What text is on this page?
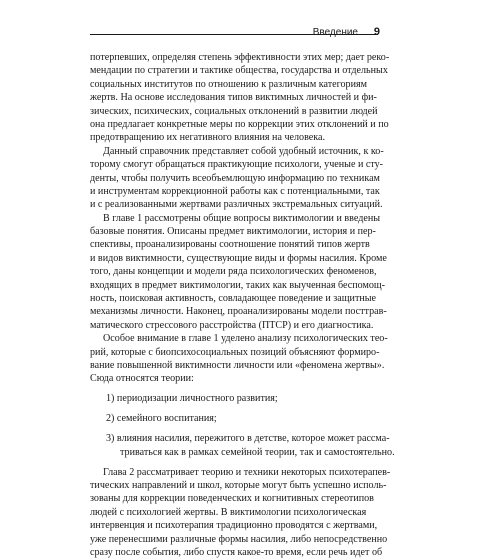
Введение	9
потерпевших, определяя степень эффективности этих мер; дает реко-
мендации по стратегии и тактике общества, государства и отдельных
социальных институтов по отношению к различным категориям
жертв. На основе исследования типов виктимных личностей и фи-
зических, психических, социальных отклонений в развитии людей
она предлагает конкретные меры по коррекции этих отклонений и по
предотвращению их негативного влияния на человека.
Данный справочник представляет собой удобный источник, к ко-
торому смогут обращаться практикующие психологи, ученые и сту-
денты, чтобы получить всеобъемлющую информацию по техникам
и инструментам коррекционной работы как с потенциальными, так
и с реализованными жертвами различных экстремальных ситуаций.
В главе 1 рассмотрены общие вопросы виктимологии и введены
базовые понятия. Описаны предмет виктимологии, история и пер-
спективы, проанализированы соотношение понятий типов жертв
и видов виктимности, существующие виды и формы насилия. Кроме
того, даны концепции и модели ряда психологических феноменов,
входящих в предмет виктимологии, таких как выученная беспомощ-
ность, поисковая активность, совладающее поведение и защитные
механизмы личности. Наконец, проанализированы модели посттрав-
матического стрессового расстройства (ПТСР) и его диагностика.
Особое внимание в главе 1 уделено анализу психологических тео-
рий, которые с биопсихосоциальных позиций объясняют формиро-
вание повышенной виктимности личности или «феномена жертвы».
Сюда относятся теории:
1) периодизации личностного развития;
2) семейного воспитания;
3) влияния насилия, пережитого в детстве, которое может рассма-
триваться как в рамках семейной теории, так и самостоятельно.
Глава 2 рассматривает теорию и техники некоторых психотерапев-
тических направлений и школ, которые могут быть успешно исполь-
зованы для коррекции поведенческих и когнитивных стереотипов
людей с психологией жертвы. В виктимологии психологическая
интервенция и психотерапия традиционно проводятся с жертвами,
уже перенесшими различные формы насилия, либо непосредственно
сразу после события, либо спустя какое-то время, если речь идет об
